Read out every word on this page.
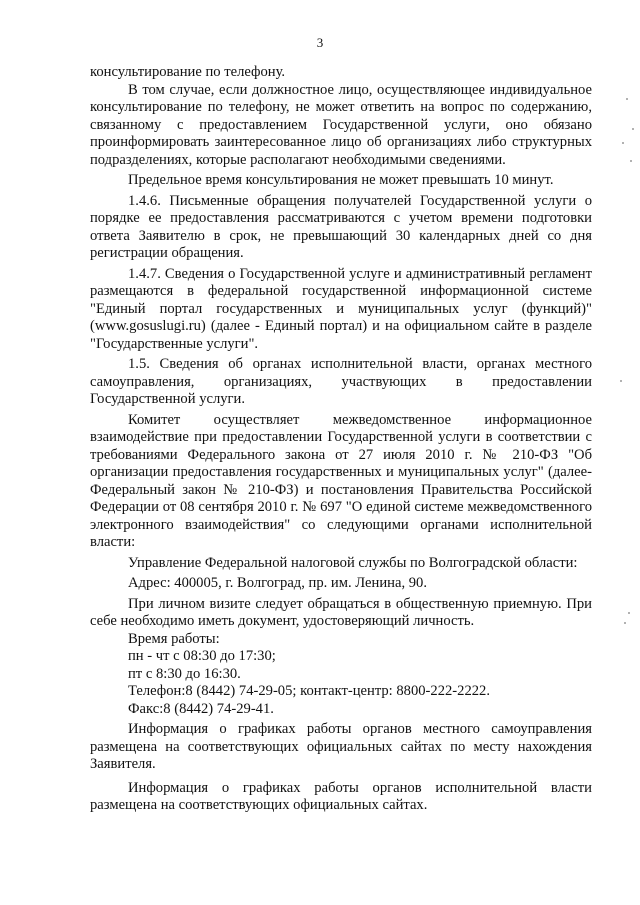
3

консультирование по телефону.

В том случае, если должностное лицо, осуществляющее индивидуальное консультирование по телефону, не может ответить на вопрос по содержанию, связанному с предоставлением Государственной услуги, оно обязано проинформировать заинтересованное лицо об организациях либо структурных подразделениях, которые располагают необходимыми сведениями.

Предельное время консультирования не может превышать 10 минут.

1.4.6. Письменные обращения получателей Государственной услуги о порядке ее предоставления рассматриваются с учетом времени подготовки ответа Заявителю в срок, не превышающий 30 календарных дней со дня регистрации обращения.

1.4.7. Сведения о Государственной услуге и административный регламент размещаются в федеральной государственной информационной системе "Единый портал государственных и муниципальных услуг (функций)" (www.gosuslugi.ru) (далее - Единый портал) и на официальном сайте в разделе "Государственные услуги".

1.5. Сведения об органах исполнительной власти, органах местного самоуправления, организациях, участвующих в предоставлении Государственной услуги.

Комитет осуществляет межведомственное информационное взаимодействие при предоставлении Государственной услуги в соответствии с требованиями Федерального закона от 27 июля 2010 г. № 210-ФЗ "Об организации предоставления государственных и муниципальных услуг" (далее- Федеральный закон № 210-ФЗ) и постановления Правительства Российской Федерации от 08 сентября 2010 г. № 697 "О единой системе межведомственного электронного взаимодействия" со следующими органами исполнительной власти:

Управление Федеральной налоговой службы по Волгоградской области:

Адрес: 400005, г. Волгоград, пр. им. Ленина, 90.

При личном визите следует обращаться в общественную приемную. При себе необходимо иметь документ, удостоверяющий личность.

Время работы:

пн - чт с 08:30 до 17:30;

пт с 8:30 до 16:30.

Телефон:8 (8442) 74-29-05; контакт-центр: 8800-222-2222.

Факс:8 (8442) 74-29-41.

Информация о графиках работы органов местного самоуправления размещена на соответствующих официальных сайтах по месту нахождения Заявителя.

Информация о графиках работы органов исполнительной власти размещена на соответствующих официальных сайтах.
